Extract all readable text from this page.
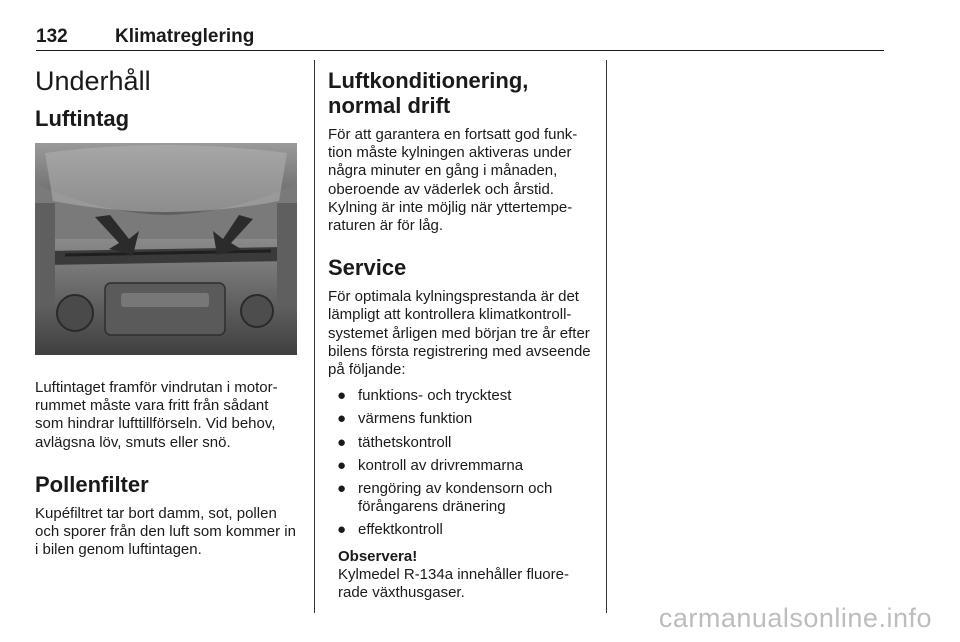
132 Klimatreglering
Underhåll
Luftintag

Luftintaget framför vindrutan i motor-rummet måste vara fritt från sådant som hindrar lufttillförseln. Vid behov, avlägsna löv, smuts eller snö.

Pollenfilter

Kupéfiltret tar bort damm, sot, pollen och sporer från den luft som kommer in i bilen genom luftintagen.

Luftkonditionering, normal drift

För att garantera en fortsatt god funk-tion måste kylningen aktiveras under några minuter en gång i månaden, oberoende av väderlek och årstid. Kylning är inte möjlig när yttertempe-raturen är för låg.

Service

För optimala kylningsprestanda är det lämpligt att kontrollera klimatkontroll-systemet årligen med början tre år efter bilens första registrering med avseende på följande:

● funktions- och trycktest
● värmens funktion
● täthetskontroll
● kontroll av drivremmarna
● rengöring av kondensorn och förångarens dränering
● effektkontroll
Observera!

Kylmedel R-134a innehåller fluore-rade växthusgaser.

carmanualsonline.info
